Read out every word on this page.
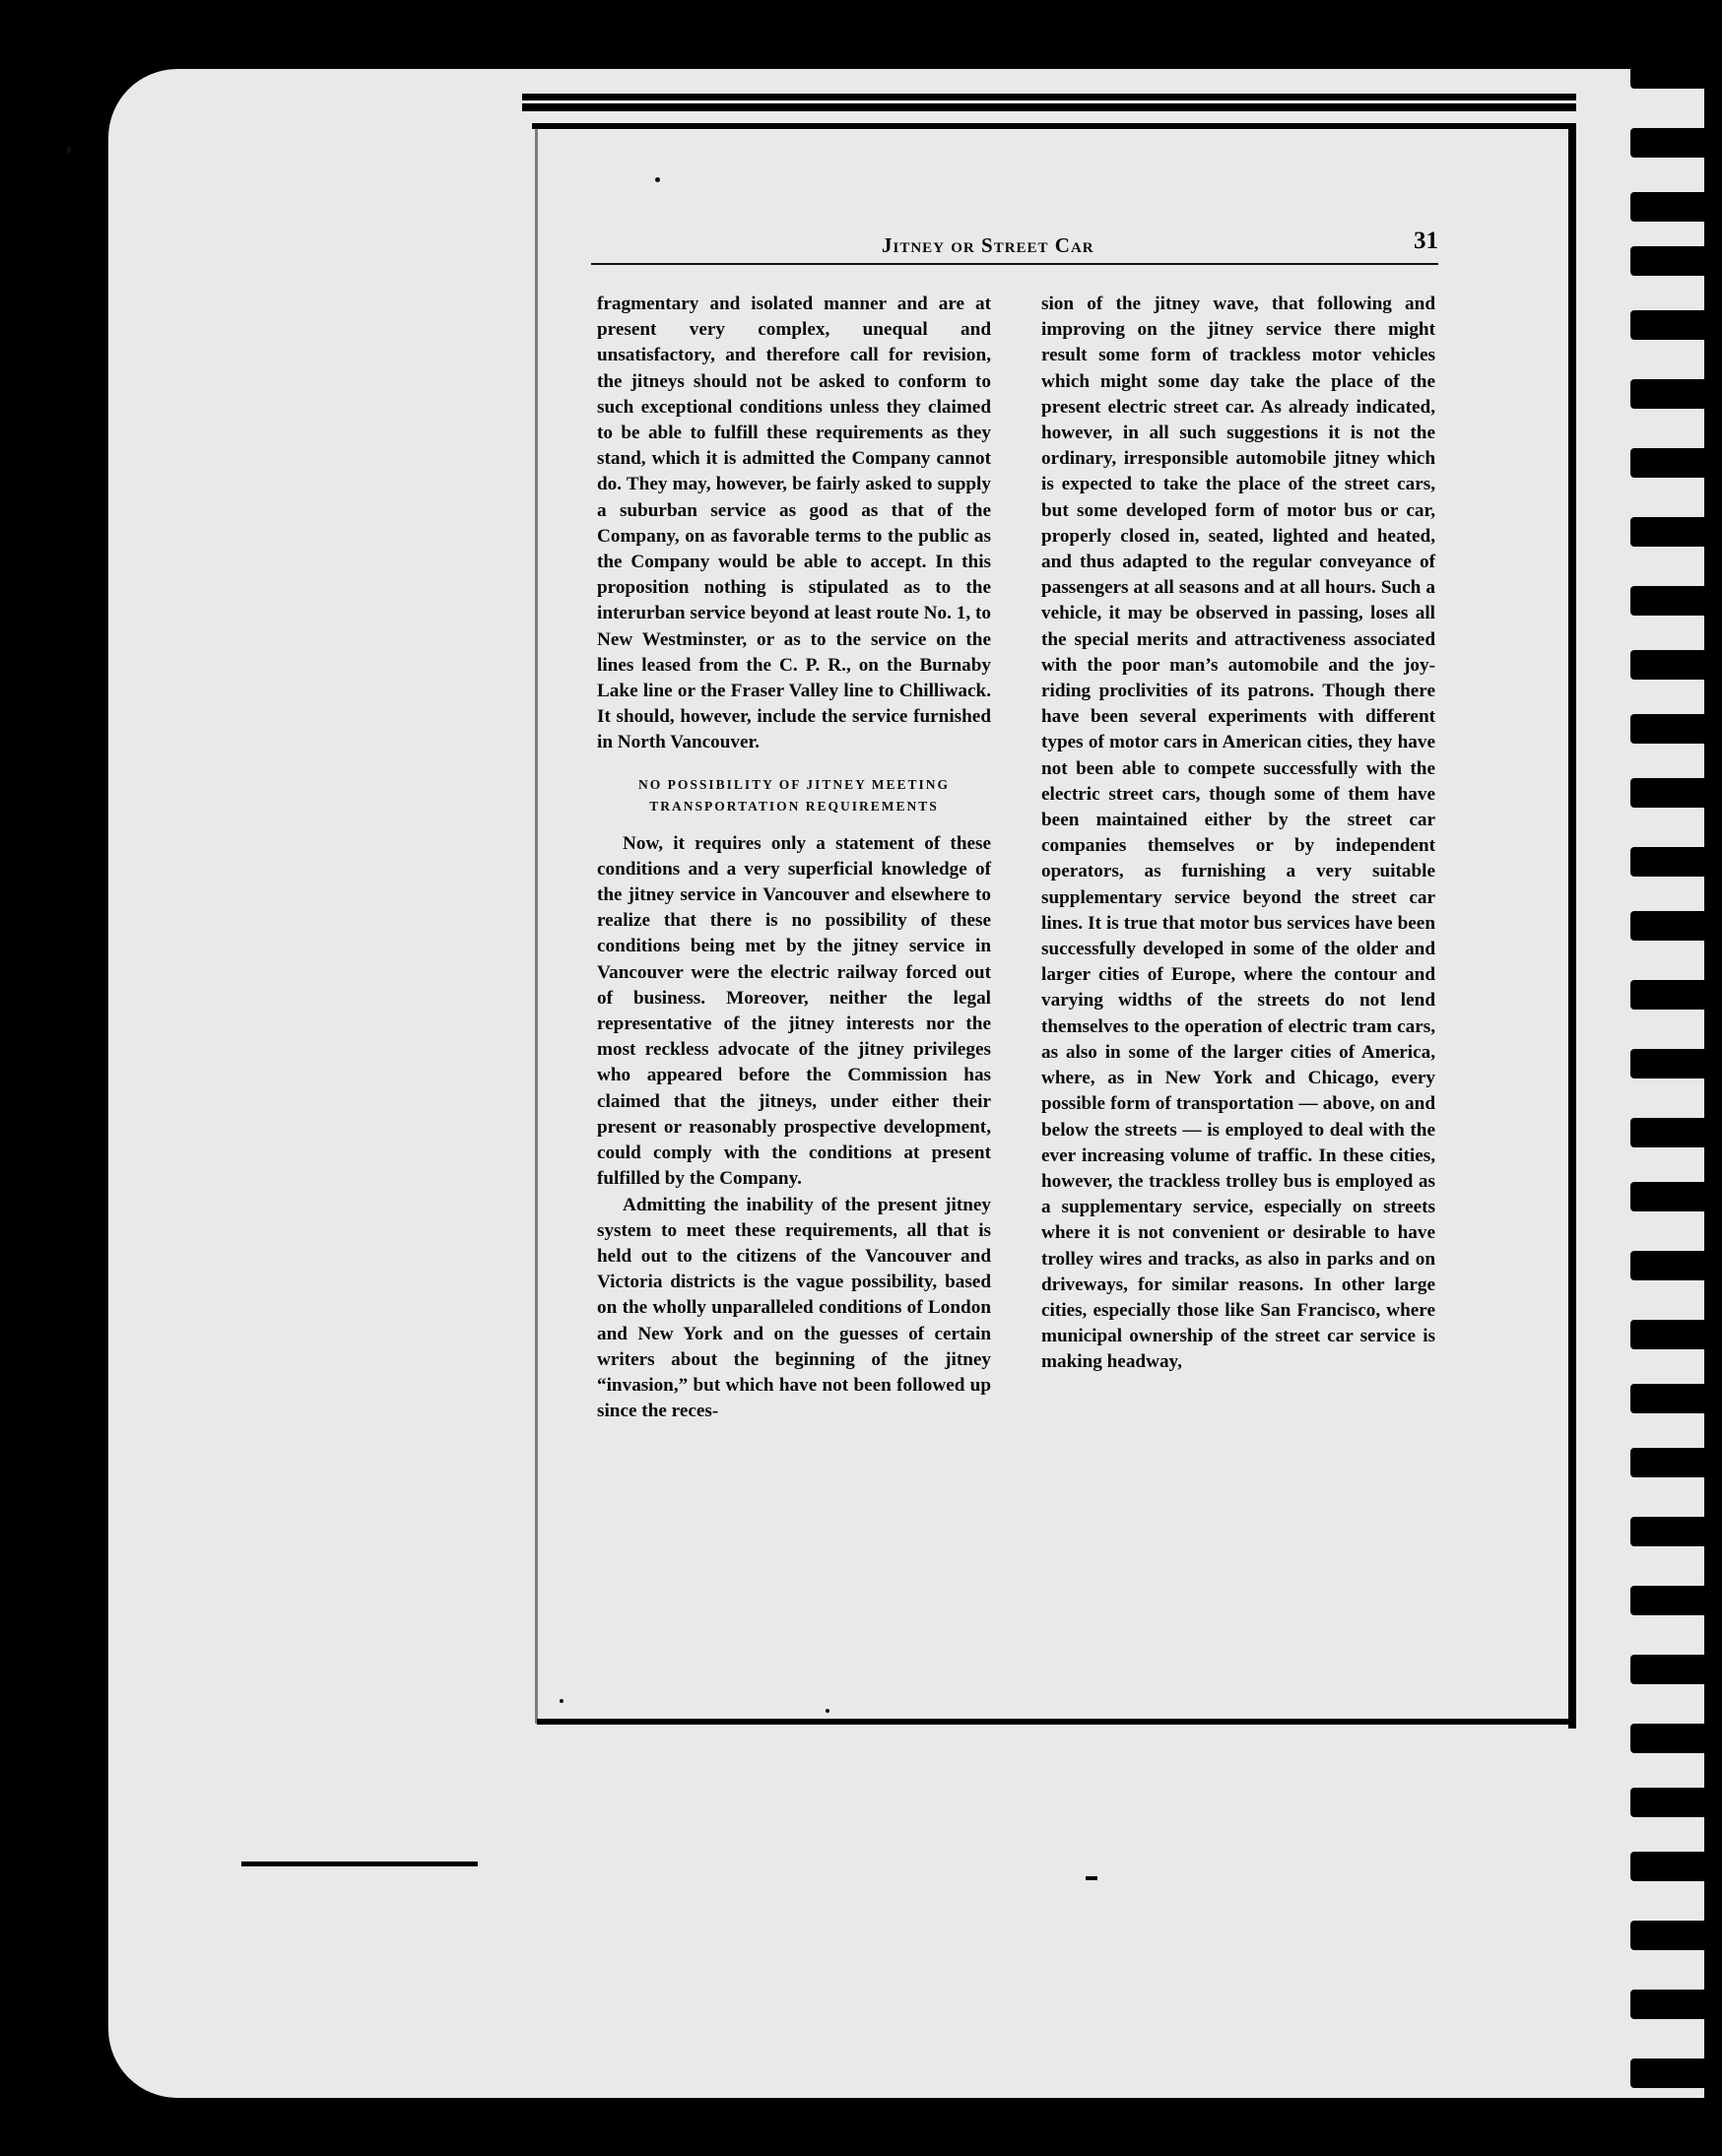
Jitney or Street Car	31

fragmentary and isolated manner and are at present very complex, unequal and unsatisfactory, and therefore call for revision, the jitneys should not be asked to conform to such exceptional conditions unless they claimed to be able to fulfill these requirements as they stand, which it is admitted the Company cannot do. They may, however, be fairly asked to supply a suburban service as good as that of the Company, on as favorable terms to the public as the Company would be able to accept. In this proposition nothing is stipulated as to the interurban service beyond at least route No. 1, to New Westminster, or as to the service on the lines leased from the C. P. R., on the Burnaby Lake line or the Fraser Valley line to Chilliwack. It should, however, include the service furnished in North Vancouver.

NO POSSIBILITY OF JITNEY MEETING
TRANSPORTATION REQUIREMENTS

Now, it requires only a statement of these conditions and a very superficial knowledge of the jitney service in Vancouver and elsewhere to realize that there is no possibility of these conditions being met by the jitney service in Vancouver were the electric railway forced out of business. Moreover, neither the legal representative of the jitney interests nor the most reckless advocate of the jitney privileges who appeared before the Commission has claimed that the jitneys, under either their present or reasonably prospective development, could comply with the conditions at present fulfilled by the Company.

Admitting the inability of the present jitney system to meet these requirements, all that is held out to the citizens of the Vancouver and Victoria districts is the vague possibility, based on the wholly unparalleled conditions of London and New York and on the guesses of certain writers about the beginning of the jitney “invasion,” but which have not been followed up since the reces-

sion of the jitney wave, that following and improving on the jitney service there might result some form of trackless motor vehicles which might some day take the place of the present electric street car. As already indicated, however, in all such suggestions it is not the ordinary, irresponsible automobile jitney which is expected to take the place of the street cars, but some developed form of motor bus or car, properly closed in, seated, lighted and heated, and thus adapted to the regular conveyance of passengers at all seasons and at all hours. Such a vehicle, it may be observed in passing, loses all the special merits and attractiveness associated with the poor man’s automobile and the joy-riding proclivities of its patrons. Though there have been several experiments with different types of motor cars in American cities, they have not been able to compete successfully with the electric street cars, though some of them have been maintained either by the street car companies themselves or by independent operators, as furnishing a very suitable supplementary service beyond the street car lines. It is true that motor bus services have been successfully developed in some of the older and larger cities of Europe, where the contour and varying widths of the streets do not lend themselves to the operation of electric tram cars, as also in some of the larger cities of America, where, as in New York and Chicago, every possible form of transportation — above, on and below the streets — is employed to deal with the ever increasing volume of traffic. In these cities, however, the trackless trolley bus is employed as a supplementary service, especially on streets where it is not convenient or desirable to have trolley wires and tracks, as also in parks and on driveways, for similar reasons. In other large cities, especially those like San Francisco, where municipal ownership of the street car service is making headway,
